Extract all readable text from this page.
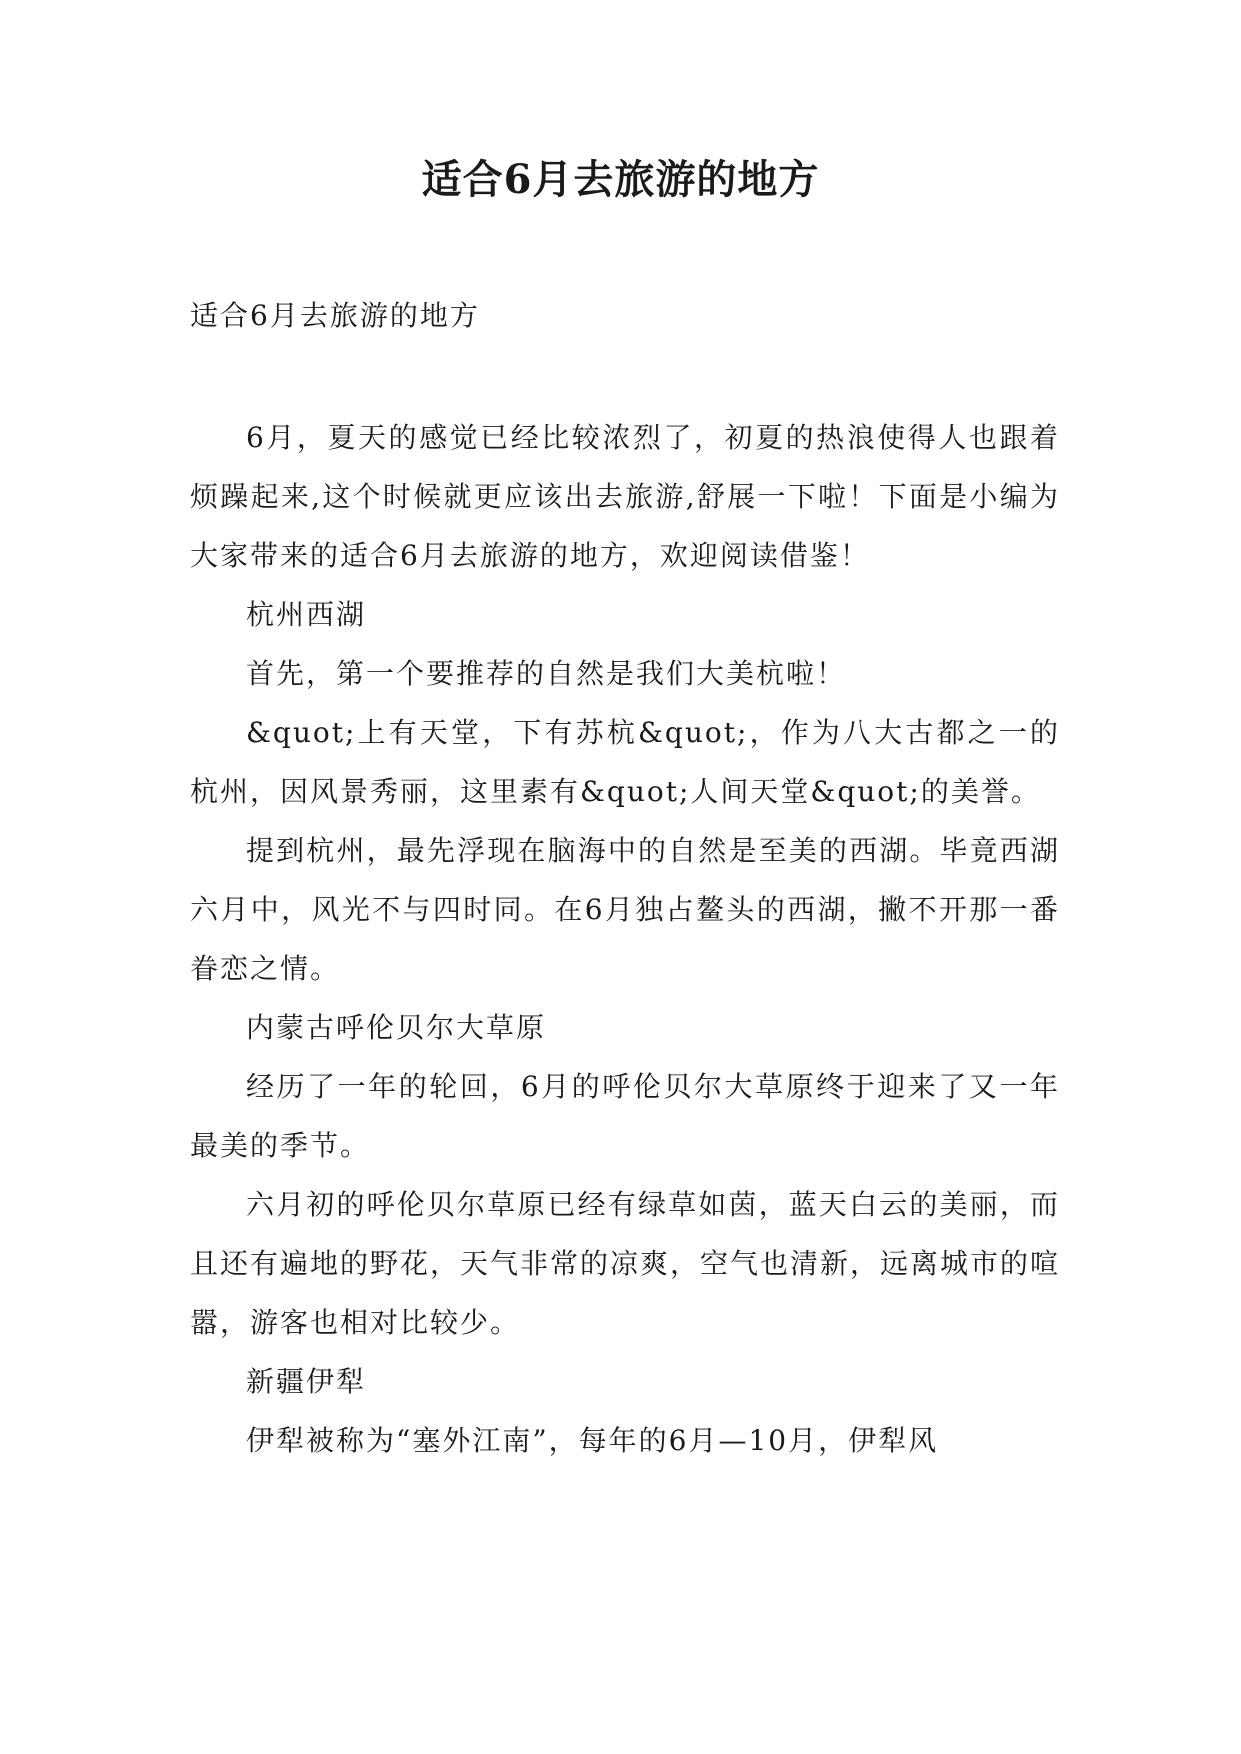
适合6月去旅游的地方
适合6月去旅游的地方

6月，夏天的感觉已经比较浓烈了，初夏的热浪使得人也跟着烦躁起来,这个时候就更应该出去旅游,舒展一下啦！下面是小编为大家带来的适合6月去旅游的地方，欢迎阅读借鉴！

杭州西湖

首先，第一个要推荐的自然是我们大美杭啦！

&quot;上有天堂，下有苏杭&quot;，作为八大古都之一的杭州，因风景秀丽，这里素有&quot;人间天堂&quot;的美誉。

提到杭州，最先浮现在脑海中的自然是至美的西湖。毕竟西湖六月中，风光不与四时同。在6月独占鳌头的西湖，撇不开那一番眷恋之情。

内蒙古呼伦贝尔大草原

经历了一年的轮回，6月的呼伦贝尔大草原终于迎来了又一年最美的季节。

六月初的呼伦贝尔草原已经有绿草如茵，蓝天白云的美丽，而且还有遍地的野花，天气非常的凉爽，空气也清新，远离城市的喧嚣，游客也相对比较少。

新疆伊犁

伊犁被称为“塞外江南”，每年的6月—10月，伊犁风
